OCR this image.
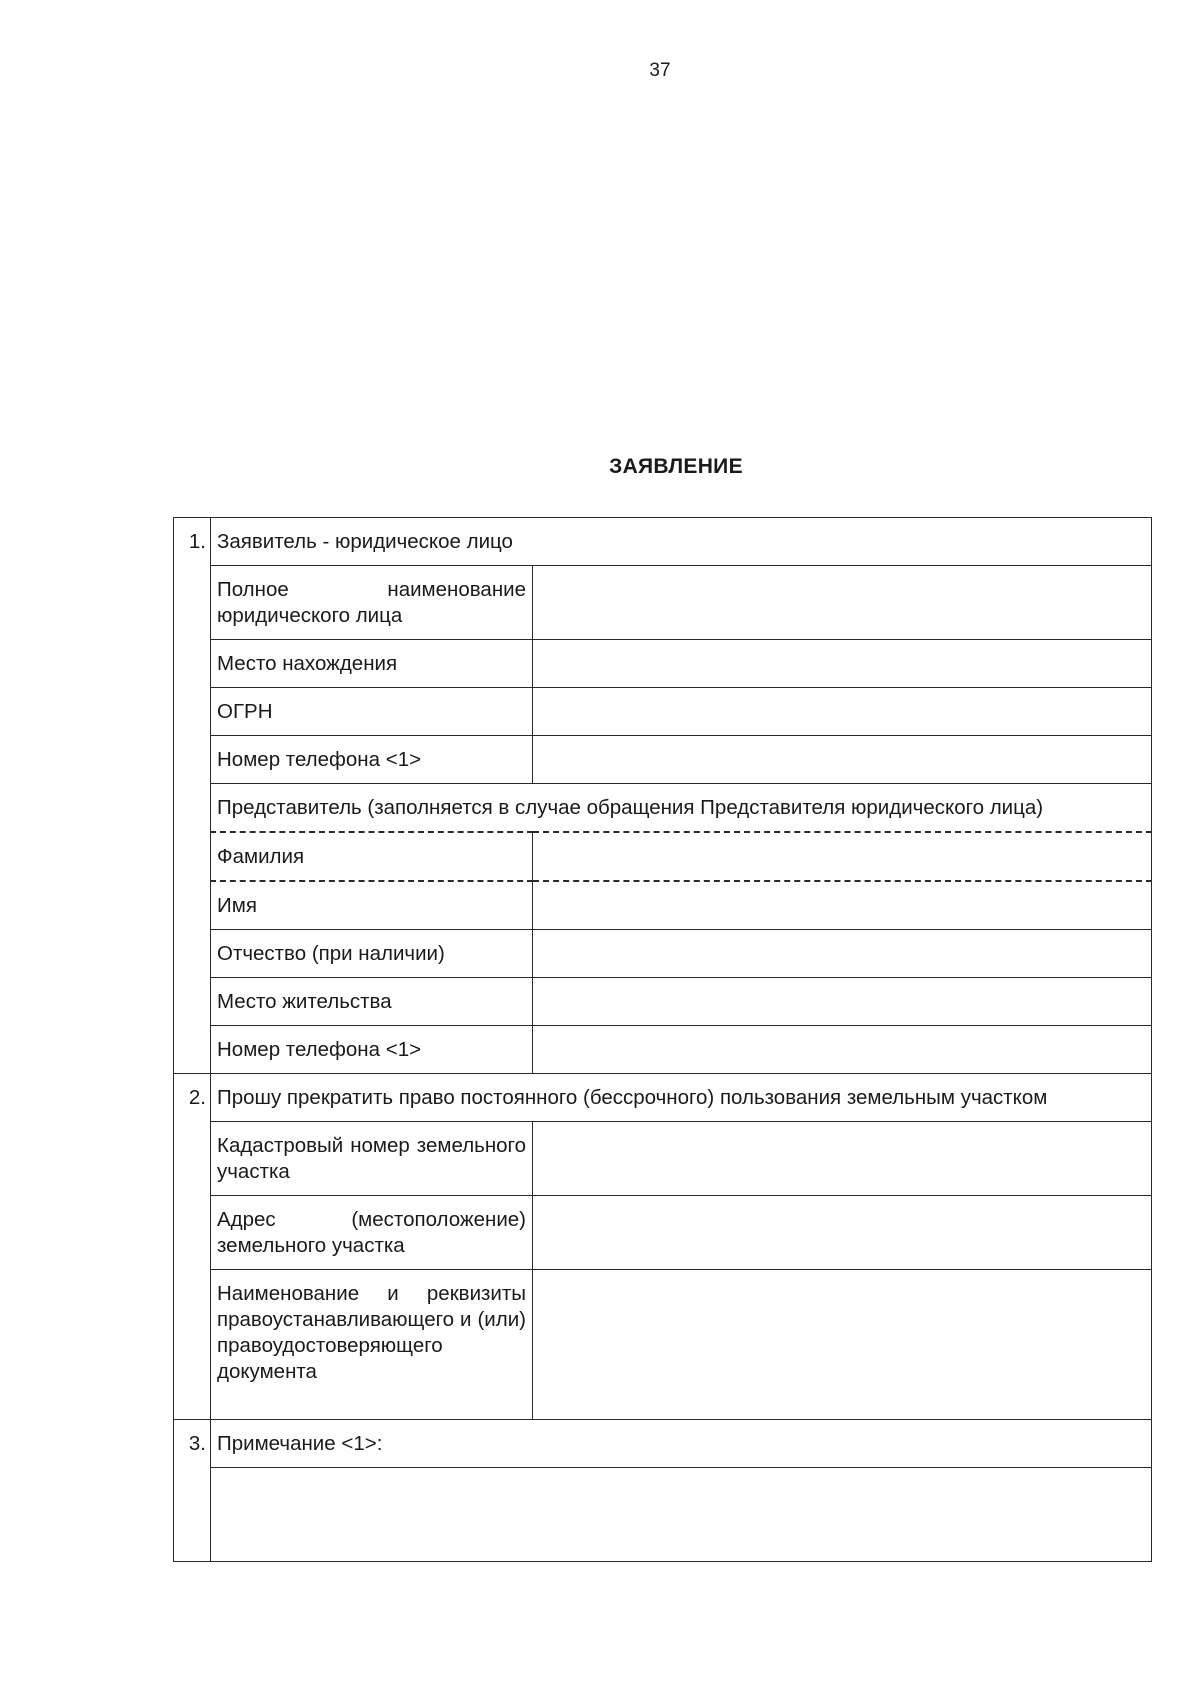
37
ЗАЯВЛЕНИЕ
1.	Заявитель - юридическое лицо	
	Полное наименование юридического лица	
	Место нахождения	
	ОГРН	
	Номер телефона <1>	
	Представитель (заполняется в случае обращения Представителя юридического лица)	
	Фамилия	
	Имя	
	Отчество (при наличии)	
	Место жительства	
	Номер телефона <1>	
2.	Прошу прекратить право постоянного (бессрочного) пользования земельным участком	
	Кадастровый номер земельного участка	
	Адрес (местоположение) земельного участка	
	Наименование и реквизиты правоустанавливающего и (или) правоудостоверяющего документа	
3.	Примечание <1>:	
